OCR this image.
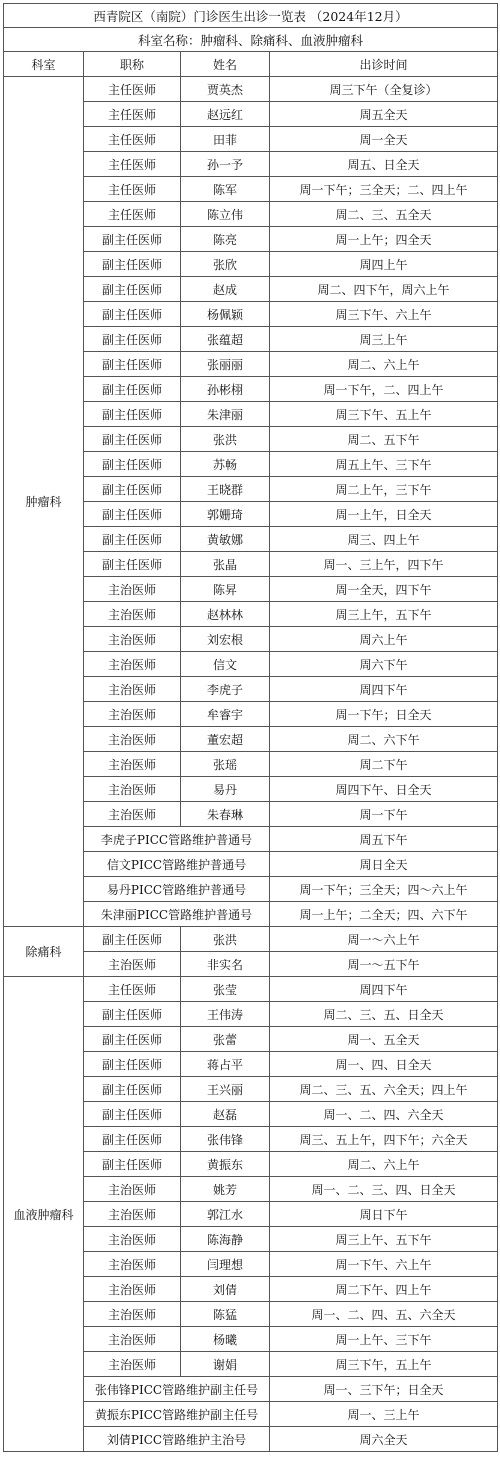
西青院区（南院）门诊医生出诊一览表 （2024年12月）			
科室名称：肿瘤科、除痛科、血液肿瘤科			
科室	职称	姓名	出诊时间
肿瘤科	主任医师	贾英杰	周三下午（全复诊）
	主任医师	赵远红	周五全天
	主任医师	田菲	周一全天
	主任医师	孙一予	周五、日全天
	主任医师	陈军	周一下午；三全天；二、四上午
	主任医师	陈立伟	周二、三、五全天
	副主任医师	陈亮	周一上午；四全天
	副主任医师	张欣	周四上午
	副主任医师	赵成	周二、四下午，周六上午
	副主任医师	杨佩颖	周三下午、六上午
	副主任医师	张蕴超	周三上午
	副主任医师	张丽丽	周二、六上午
	副主任医师	孙彬栩	周一下午，二、四上午
	副主任医师	朱津丽	周三下午、五上午
	副主任医师	张洪	周二、五下午
	副主任医师	苏畅	周五上午、三下午
	副主任医师	王晓群	周二上午，三下午
	副主任医师	郭姗琦	周一上午，日全天
	副主任医师	黄敏娜	周三、四上午
	副主任医师	张晶	周一、三上午，四下午
	主治医师	陈昇	周一全天，四下午
	主治医师	赵林林	周三上午，五下午
	主治医师	刘宏根	周六上午
	主治医师	信文	周六下午
	主治医师	李虎子	周四下午
	主治医师	牟睿宇	周一下午；日全天
	主治医师	董宏超	周二、六下午
	主治医师	张瑶	周二下午
	主治医师	易丹	周四下午、日全天
	主治医师	朱春琳	周一下午
	李虎子PICC管路维护普通号		周五下午
	信文PICC管路维护普通号		周日全天
	易丹PICC管路维护普通号		周一下午；三全天；四～六上午
	朱津丽PICC管路维护普通号		周一上午；二全天；四、六下午
除痛科	副主任医师	张洪	周一～六上午
	主治医师	非实名	周一～五下午
血液肿瘤科	主任医师	张莹	周四下午
	副主任医师	王伟涛	周二、三、五、日全天
	副主任医师	张蕾	周一、五全天
	副主任医师	蒋占平	周一、四、日全天
	副主任医师	王兴丽	周二、三、五、六全天；四上午
	副主任医师	赵磊	周一、二、四、六全天
	副主任医师	张伟锋	周三、五上午，四下午；六全天
	副主任医师	黄振东	周二、六上午
	主治医师	姚芳	周一、二、三、四、日全天
	主治医师	郭江水	周日下午
	主治医师	陈海静	周三上午、五下午
	主治医师	闫理想	周一下午、六上午
	主治医师	刘倩	周二下午、四上午
	主治医师	陈猛	周一、二、四、五、六全天
	主治医师	杨曦	周一上午、三下午
	主治医师	谢娟	周三下午，五上午
	张伟锋PICC管路维护副主任号		周一、三下午；日全天
	黄振东PICC管路维护副主任号		周一、三上午
	刘倩PICC管路维护主治号		周六全天
